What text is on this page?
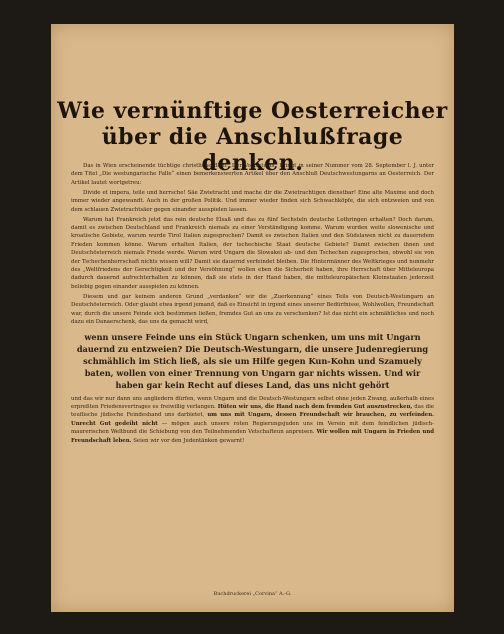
Wie vernünftige Oesterreicher
über die Anschlußfrage denken.

Das in Wien erscheinende tüchtige christliche Blatt „Der Volkssturm“ bringt in seiner Nummer vom 28. September l. J. unter dem Titel „Die westungarische Falle“ einen bemerkenswerten Artikel über den Anschluß Deutschwestungarns an Oesterreich. Der Artikel lautet wortgetreu:

Divide et impera, teile und herrsche! Säe Zwietracht und mache dir die Zwietrachtigen dienstbar! Eine alte Maxime und doch immer wieder angewandt. Auch in der großen Politik. Und immer wieder finden sich Schwachköpfe, die sich entzweien und von dem schlauen Zwietrachtsäer gegen einander ausspielen lassen.

Warum hat Frankreich jetzt das rein deutsche Elsaß und das zu fünf Sechsteln deutsche Lothringen erhalten? Doch darum, damit es zwischen Deutschland und Frankreich niemals zu einer Verständigung komme. Warum wurden weite slowenische und kroatische Gebiete, warum wurde Tirol Italien zugesprochen? Damit es zwischen Italien und den Südslawen nicht zu dauerndem Frieden kommen könne. Warum erhalten Italien, der tschechische Staat deutsche Gebiete? Damit zwischen ihnen und Deutschösterreich niemals Friede werde. Warum wird Ungarn die Slowakei ab- und den Tschechen zugesprochen, obwohl sie von der Tschechenherrschaft nichts wissen will? Damit sie dauernd verfeindet bleiben. Die Hintermänner des Weltkrieges und nunmehr des „Weltfriedens der Gerechtigkeit und der Versöhnung“ wollen eben die Sicherheit haben, ihre Herrschaft über Mitteleuropa dadurch dauernd aufrechterhalten zu können, daß sie stets in der Hand haben, die mitteleuropäischen Kleinstaaten jederzeit beliebig gegen einander ausspielen zu können.

Diesem und gar keinem anderen Grund „verdanken“ wir die „Zuerkennung“ eines Teils von Deutsch-Westungarn an Deutschösterreich. Oder glaubt etwa irgend jemand, daß es Einsicht in irgend eines unserer Bedürfnisse, Wohlwollen, Freundschaft war, durch die unsere Feinde sich bestimmen ließen, fremdes Gut an uns zu verschenken? Ist das nicht ein schmähliches und noch dazu ein Danaerschenk, das uns da gemacht wird,

wenn unsere Feinde uns ein Stück Ungarn schenken, um uns mit Ungarn dauernd zu entzweien? Die Deutsch-Westungarn, die unsere Judenregierung schmählich im Stich ließ, als sie um Hilfe gegen Kun-Kohn und Szamuely baten, wollen von einer Trennung von Ungarn gar nichts wissen. Und wir haben gar kein Recht auf dieses Land, das uns nicht gehört

und das wir nur dann uns angliedern dürfen, wenn Ungarn und die Deutsch-Westungarn selbst ohne jeden Zwang, außerhalb eines erpreßten Friedensvertrages es freiwillig verlangen. Hüten wir uns, die Hand nach dem fremden Gut auszustrecken, das die teuflische jüdische Feindeshand uns darbietet, um uns mit Ungarn, dessen Freundschaft wir brauchen, zu verfeinden. Unrecht Gut gedeiht nicht — mögen auch unsere roten Regierungsjuden uns im Verein mit dem feindlichen jüdisch-maurerischen Weltbund die Schiebung von den Teilnehmenden Vetschafteun anpreisen. Wir wollen mit Ungarn in Frieden und Freundschaft leben. Seien wir vor den Judentänken gewarnt!

Buchdruckerei „Corvina“ A.-G.
